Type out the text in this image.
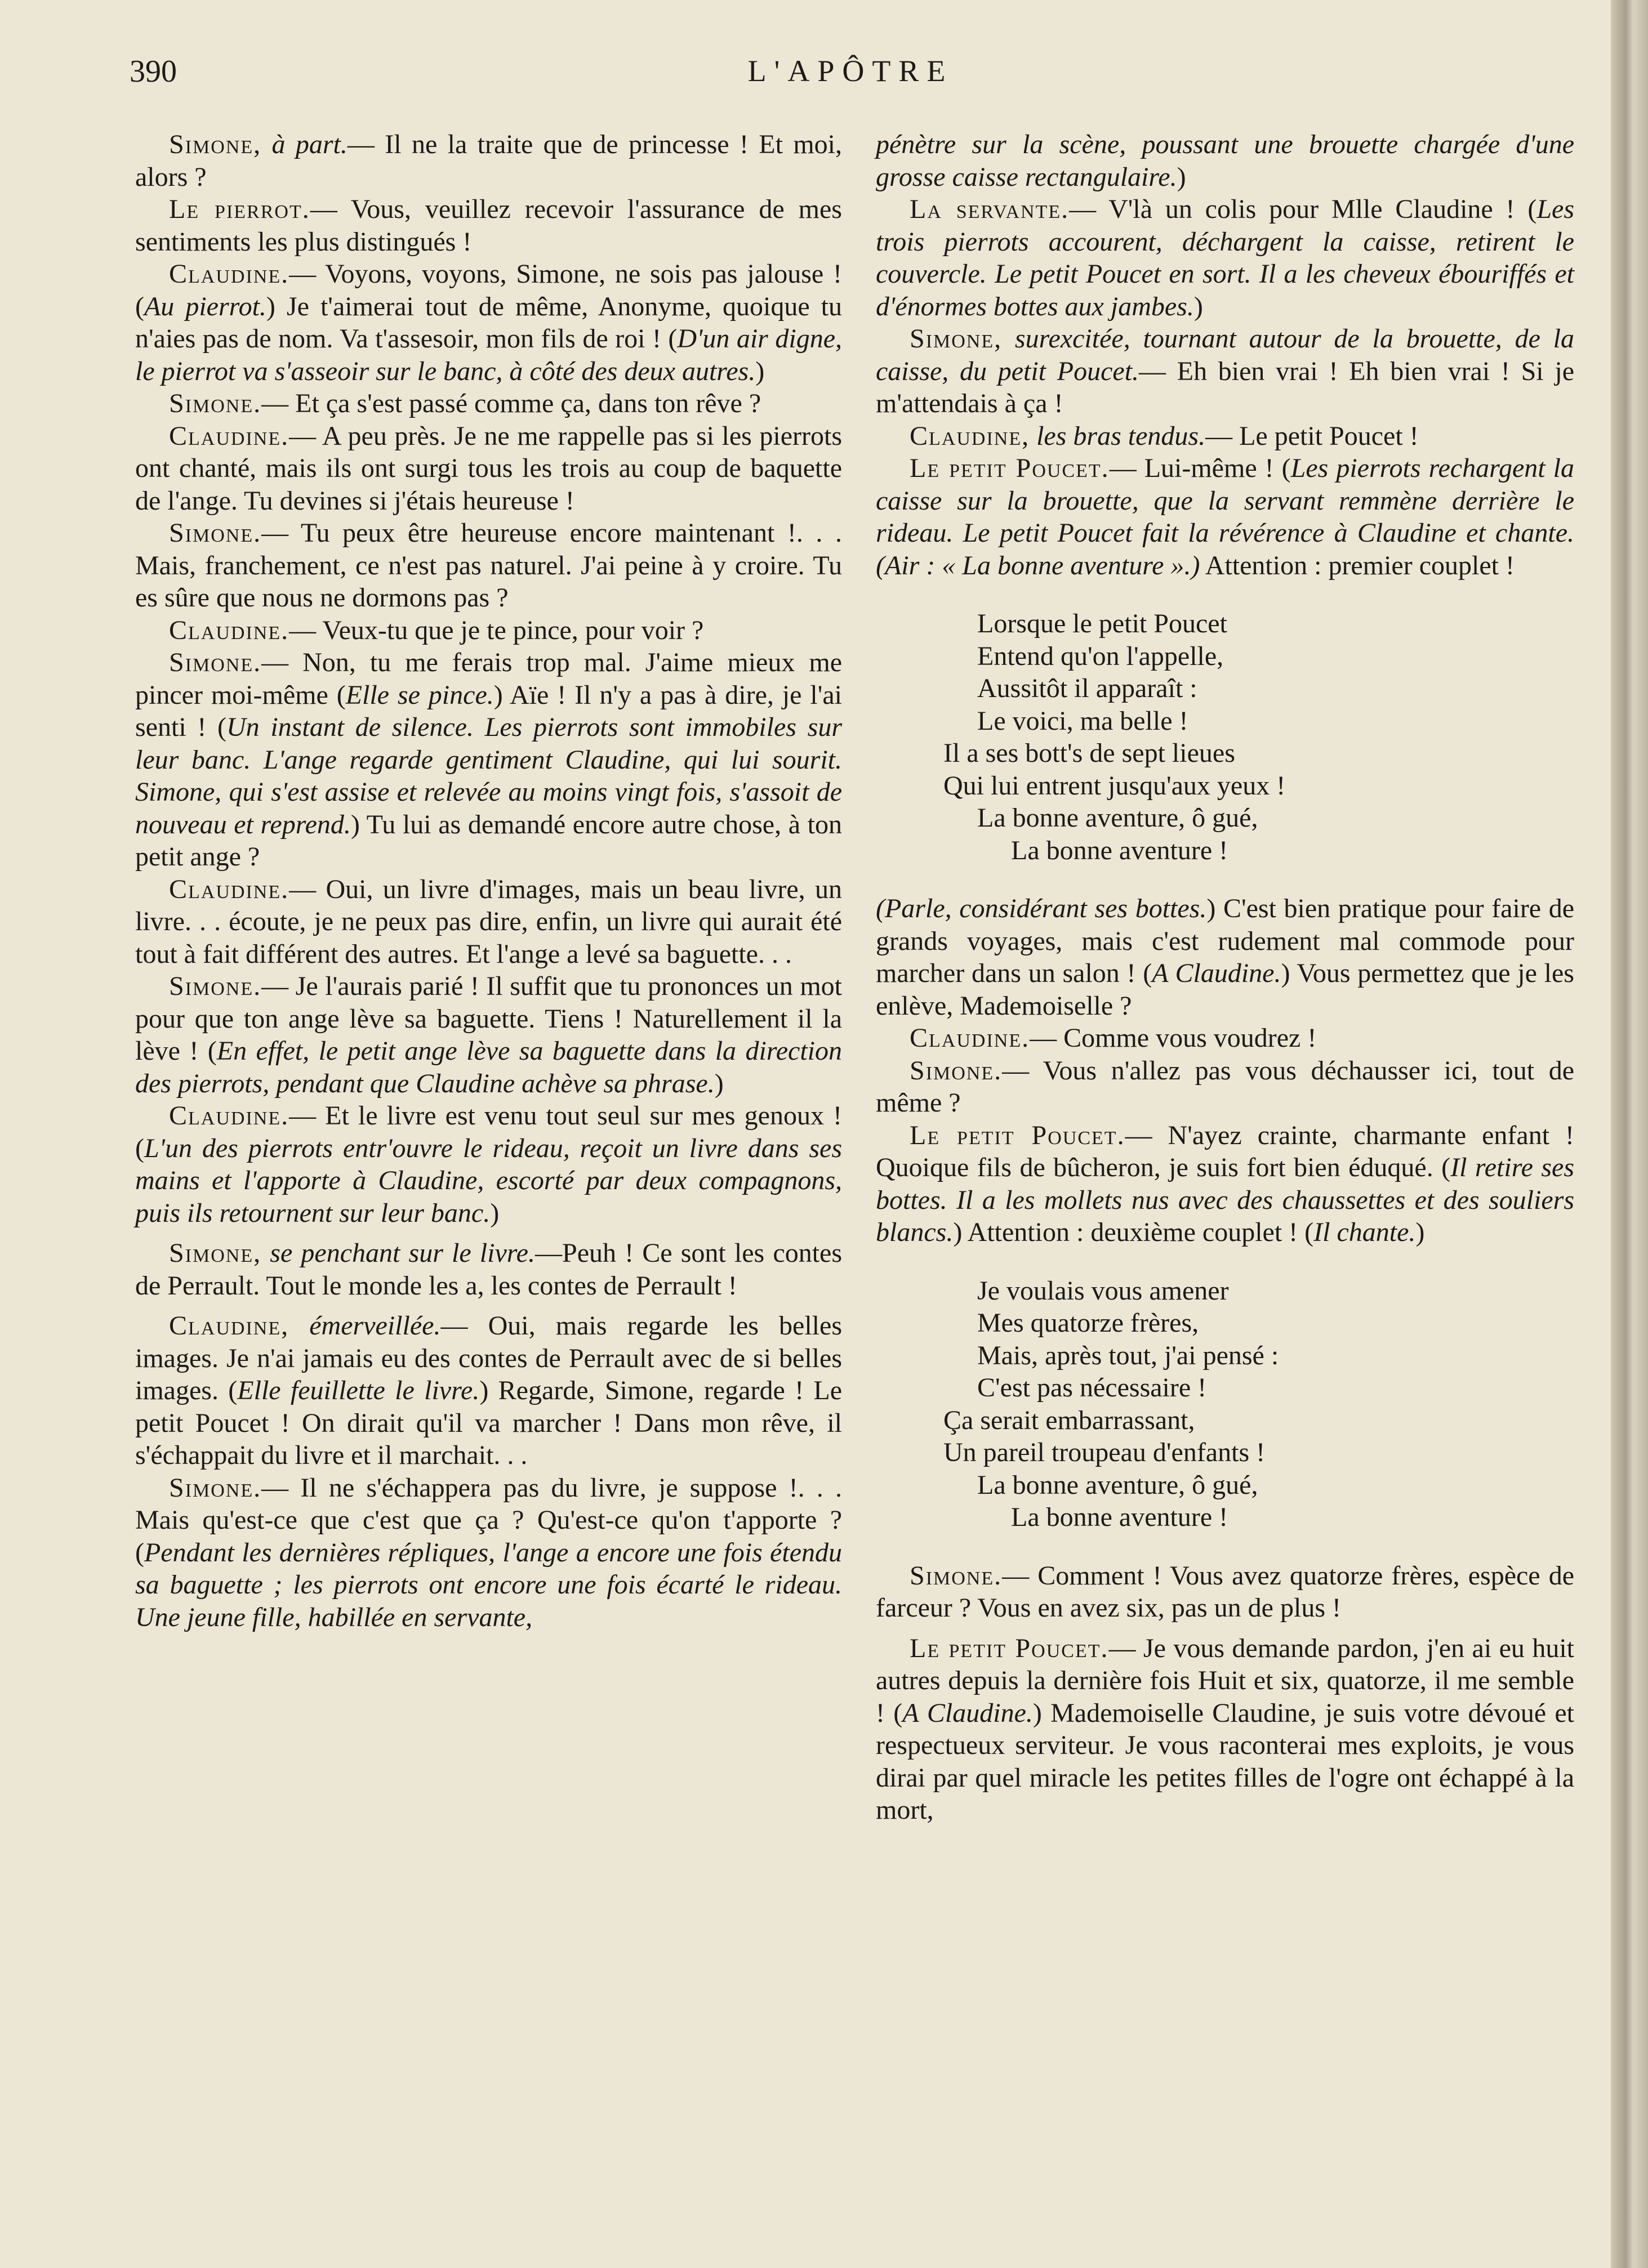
390	L'APÔTRE

Simone, à part.— Il ne la traite que de princesse ! Et moi, alors ?

Le pierrot.— Vous, veuillez recevoir l'assurance de mes sentiments les plus distingués !

Claudine.— Voyons, voyons, Simone, ne sois pas jalouse ! (Au pierrot.) Je t'aimerai tout de même, Anonyme, quoique tu n'aies pas de nom. Va t'assesoir, mon fils de roi ! (D'un air digne, le pierrot va s'asseoir sur le banc, à côté des deux autres.)

Simone.— Et ça s'est passé comme ça, dans ton rêve ?

Claudine.— A peu près. Je ne me rappelle pas si les pierrots ont chanté, mais ils ont surgi tous les trois au coup de baquette de l'ange. Tu devines si j'étais heureuse !

Simone.— Tu peux être heureuse encore maintenant !. . . Mais, franchement, ce n'est pas naturel. J'ai peine à y croire. Tu es sûre que nous ne dormons pas ?

Claudine.— Veux-tu que je te pince, pour voir ?

Simone.— Non, tu me ferais trop mal. J'aime mieux me pincer moi-même (Elle se pince.) Aïe ! Il n'y a pas à dire, je l'ai senti ! (Un instant de silence. Les pierrots sont immobiles sur leur banc. L'ange regarde gentiment Claudine, qui lui sourit. Simone, qui s'est assise et relevée au moins vingt fois, s'assoit de nouveau et reprend.) Tu lui as demandé encore autre chose, à ton petit ange ?

Claudine.— Oui, un livre d'images, mais un beau livre, un livre. . . écoute, je ne peux pas dire, enfin, un livre qui aurait été tout à fait différent des autres. Et l'ange a levé sa baguette. . .

Simone.— Je l'aurais parié ! Il suffit que tu prononces un mot pour que ton ange lève sa baguette. Tiens ! Naturellement il la lève ! (En effet, le petit ange lève sa baguette dans la direction des pierrots, pendant que Claudine achève sa phrase.)

Claudine.— Et le livre est venu tout seul sur mes genoux ! (L'un des pierrots entr'ouvre le rideau, reçoit un livre dans ses mains et l'apporte à Claudine, escorté par deux compagnons, puis ils retournent sur leur banc.)

Simone, se penchant sur le livre.—Peuh ! Ce sont les contes de Perrault. Tout le monde les a, les contes de Perrault !

Claudine, émerveillée.— Oui, mais regarde les belles images. Je n'ai jamais eu des contes de Perrault avec de si belles images. (Elle feuillette le livre.) Regarde, Simone, regarde ! Le petit Poucet ! On dirait qu'il va marcher ! Dans mon rêve, il s'échappait du livre et il marchait. . .

Simone.— Il ne s'échappera pas du livre, je suppose !. . . Mais qu'est-ce que c'est que ça ? Qu'est-ce qu'on t'apporte ? (Pendant les dernières répliques, l'ange a encore une fois étendu sa baguette ; les pierrots ont encore une fois écarté le rideau. Une jeune fille, habillée en servante,

pénètre sur la scène, poussant une brouette chargée d'une grosse caisse rectangulaire.)

La servante.— V'là un colis pour Mlle Claudine ! (Les trois pierrots accourent, déchargent la caisse, retirent le couvercle. Le petit Poucet en sort. Il a les cheveux ébouriffés et d'énormes bottes aux jambes.)

Simone, surexcitée, tournant autour de la brouette, de la caisse, du petit Poucet.— Eh bien vrai ! Eh bien vrai ! Si je m'attendais à ça !

Claudine, les bras tendus.— Le petit Poucet !

Le petit Poucet.— Lui-même ! (Les pierrots rechargent la caisse sur la brouette, que la servant remmène derrière le rideau. Le petit Poucet fait la révérence à Claudine et chante. (Air : « La bonne aventure ».) Attention : premier couplet !

Lorsque le petit Poucet
Entend qu'on l'appelle,
Aussitôt il apparaît :
Le voici, ma belle !
Il a ses bott's de sept lieues
Qui lui entrent jusqu'aux yeux !
La bonne aventure, ô gué,
La bonne aventure !

(Parle, considérant ses bottes.) C'est bien pratique pour faire de grands voyages, mais c'est rudement mal commode pour marcher dans un salon ! (A Claudine.) Vous permettez que je les enlève, Mademoiselle ?

Claudine.— Comme vous voudrez !

Simone.— Vous n'allez pas vous déchausser ici, tout de même ?

Le petit Poucet.— N'ayez crainte, charmante enfant ! Quoique fils de bûcheron, je suis fort bien éduqué. (Il retire ses bottes. Il a les mollets nus avec des chaussettes et des souliers blancs.) Attention : deuxième couplet ! (Il chante.)

Je voulais vous amener
Mes quatorze frères,
Mais, après tout, j'ai pensé :
C'est pas nécessaire !
Ça serait embarrassant,
Un pareil troupeau d'enfants !
La bonne aventure, ô gué,
La bonne aventure !

Simone.— Comment ! Vous avez quatorze frères, espèce de farceur ? Vous en avez six, pas un de plus !

Le petit Poucet.— Je vous demande pardon, j'en ai eu huit autres depuis la dernière fois Huit et six, quatorze, il me semble ! (A Claudine.) Mademoiselle Claudine, je suis votre dévoué et respectueux serviteur. Je vous raconterai mes exploits, je vous dirai par quel miracle les petites filles de l'ogre ont échappé à la mort,
